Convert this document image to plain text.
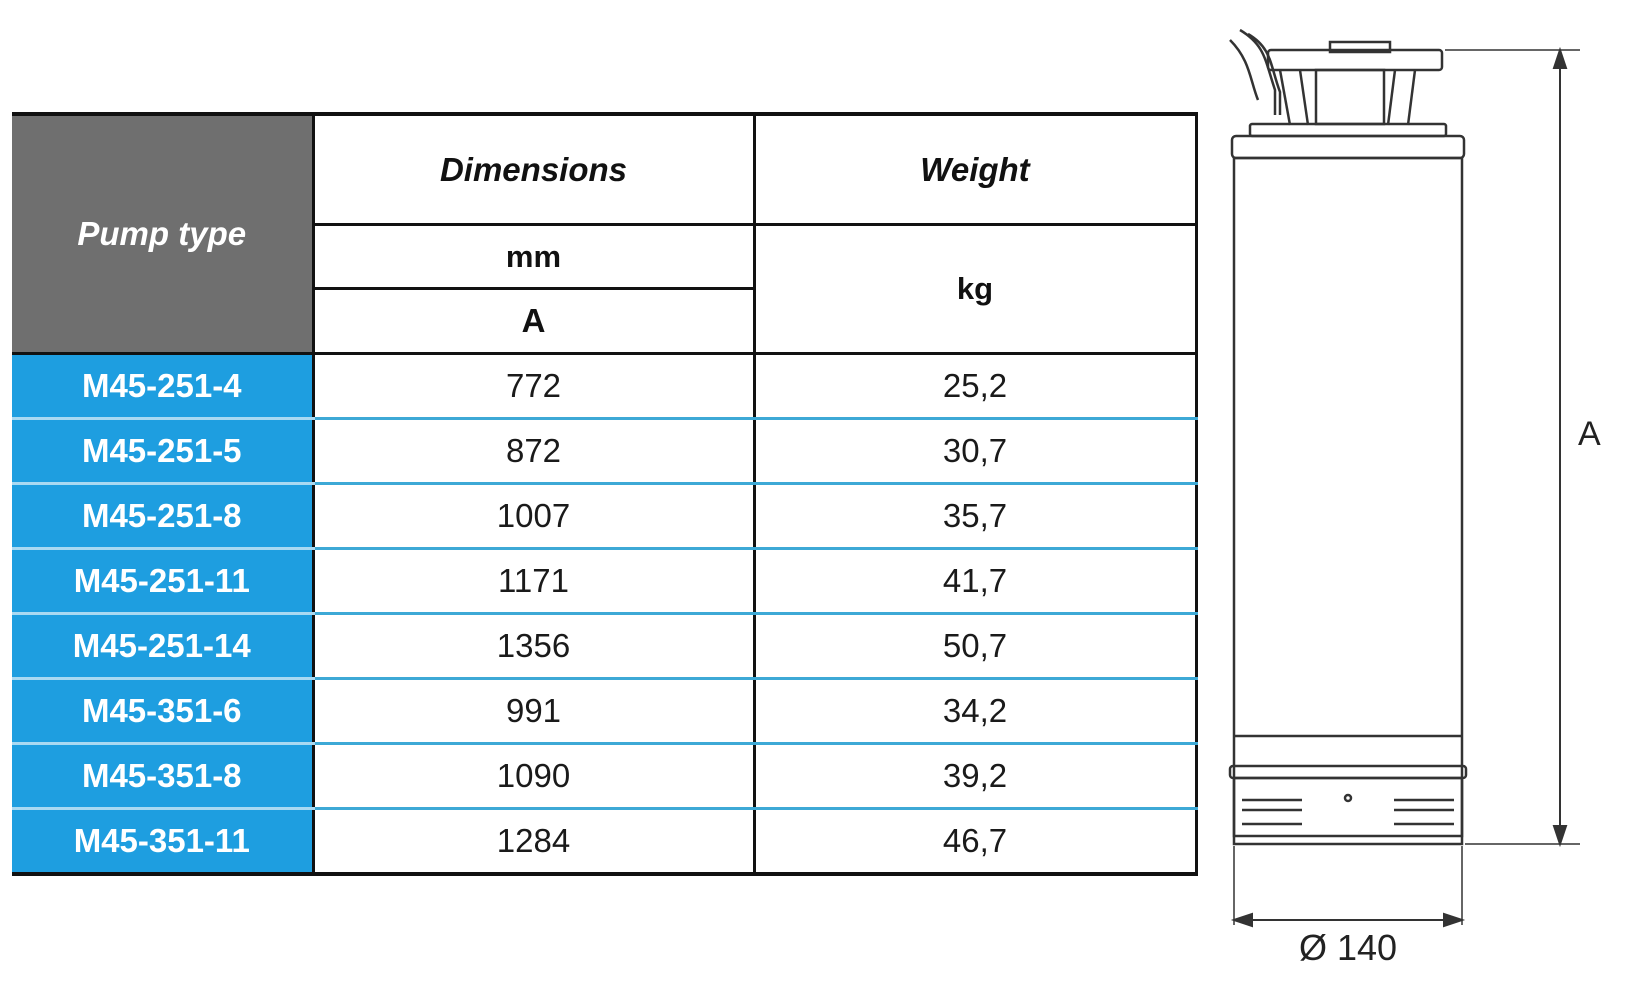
Pump type	Dimensions	Weight
	mm	kg
	A	
M45-251-4	772	25,2
M45-251-5	872	30,7
M45-251-8	1007	35,7
M45-251-11	1171	41,7
M45-251-14	1356	50,7
M45-351-6	991	34,2
M45-351-8	1090	39,2
M45-351-11	1284	46,7
A
Ø 140
